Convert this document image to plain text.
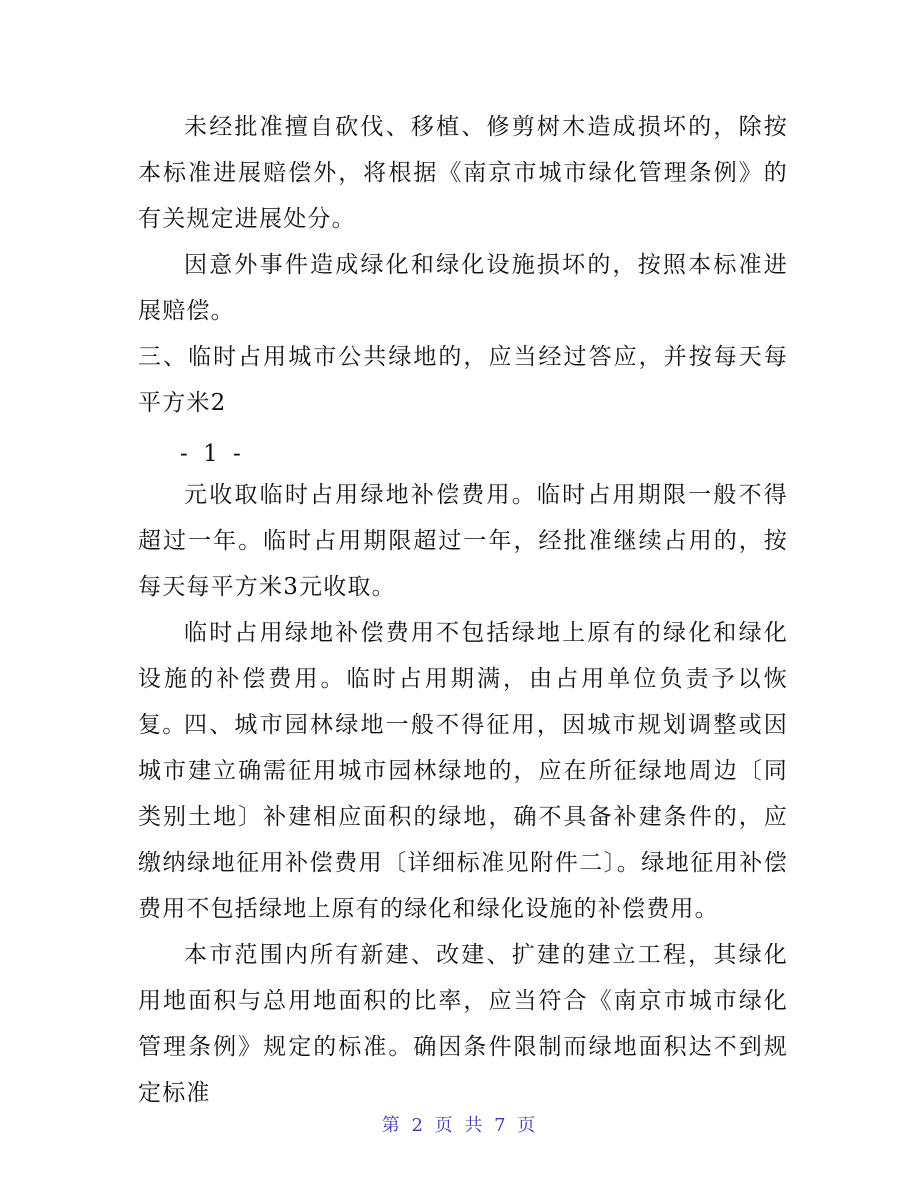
未经批准擅自砍伐、移植、修剪树木造成损坏的，除按本标准进展赔偿外，将根据《南京市城市绿化管理条例》的有关规定进展处分。

因意外事件造成绿化和绿化设施损坏的，按照本标准进展赔偿。

三、临时占用城市公共绿地的，应当经过答应，并按每天每平方米2

- 1 -

元收取临时占用绿地补偿费用。临时占用期限一般不得超过一年。临时占用期限超过一年，经批准继续占用的，按每天每平方米3元收取。

临时占用绿地补偿费用不包括绿地上原有的绿化和绿化设施的补偿费用。临时占用期满，由占用单位负责予以恢复。

四、城市园林绿地一般不得征用，因城市规划调整或因城市建立确需征用城市园林绿地的，应在所征绿地周边〔同类别土地〕补建相应面积的绿地，确不具备补建条件的，应缴纳绿地征用补偿费用〔详细标准见附件二〕。绿地征用补偿费用不包括绿地上原有的绿化和绿化设施的补偿费用。

本市范围内所有新建、改建、扩建的建立工程，其绿化用地面积与总用地面积的比率，应当符合《南京市城市绿化管理条例》规定的标准。确因条件限制而绿地面积达不到规定标准

第 2 页 共 7 页
